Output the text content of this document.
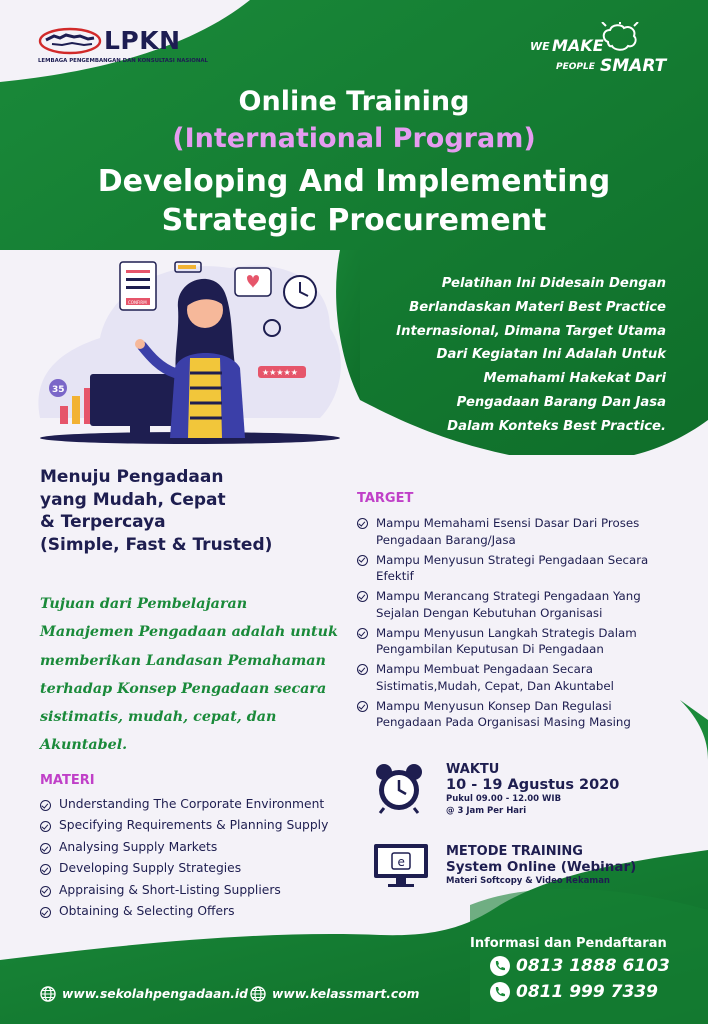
LPKN
LEMBAGA PENGEMBANGAN DAN KONSULTASI NASIONAL
WE MAKE
PEOPLE SMART
Online Training
(International Program)
Developing And Implementing
Strategic Procurement
CONFIRM
★★★★★
35
Pelatihan Ini Didesain Dengan
Berlandaskan Materi Best Practice
Internasional, Dimana Target Utama
Dari Kegiatan Ini Adalah Untuk
Memahami Hakekat Dari
Pengadaan Barang Dan Jasa
Dalam Konteks Best Practice.
Menuju Pengadaan
yang Mudah, Cepat
& Terpercaya
(Simple, Fast & Trusted)
Tujuan dari Pembelajaran
Manajemen Pengadaan adalah untuk
memberikan Landasan Pemahaman
terhadap Konsep Pengadaan secara
sistimatis, mudah, cepat, dan
Akuntabel.
MATERI
Understanding The Corporate Environment
Specifying Requirements & Planning Supply
Analysing Supply Markets
Developing Supply Strategies
Appraising & Short-Listing Suppliers
Obtaining & Selecting Offers
TARGET
Mampu Memahami Esensi Dasar Dari Proses
Pengadaan Barang/Jasa
Mampu Menyusun Strategi Pengadaan Secara
Efektif
Mampu Merancang Strategi Pengadaan Yang
Sejalan Dengan Kebutuhan Organisasi
Mampu Menyusun Langkah Strategis Dalam
Pengambilan Keputusan Di Pengadaan
Mampu Membuat Pengadaan Secara
Sistimatis,Mudah, Cepat, Dan Akuntabel
Mampu Menyusun Konsep Dan Regulasi
Pengadaan Pada Organisasi Masing Masing
WAKTU
10 - 19 Agustus 2020
Pukul 09.00 - 12.00 WIB
@ 3 Jam Per Hari
e
METODE TRAINING
System Online (Webinar)
Materi Softcopy & Video Rekaman
Informasi dan Pendaftaran
0813 1888 6103
0811 999 7339
www.sekolahpengadaan.id www.kelassmart.com
